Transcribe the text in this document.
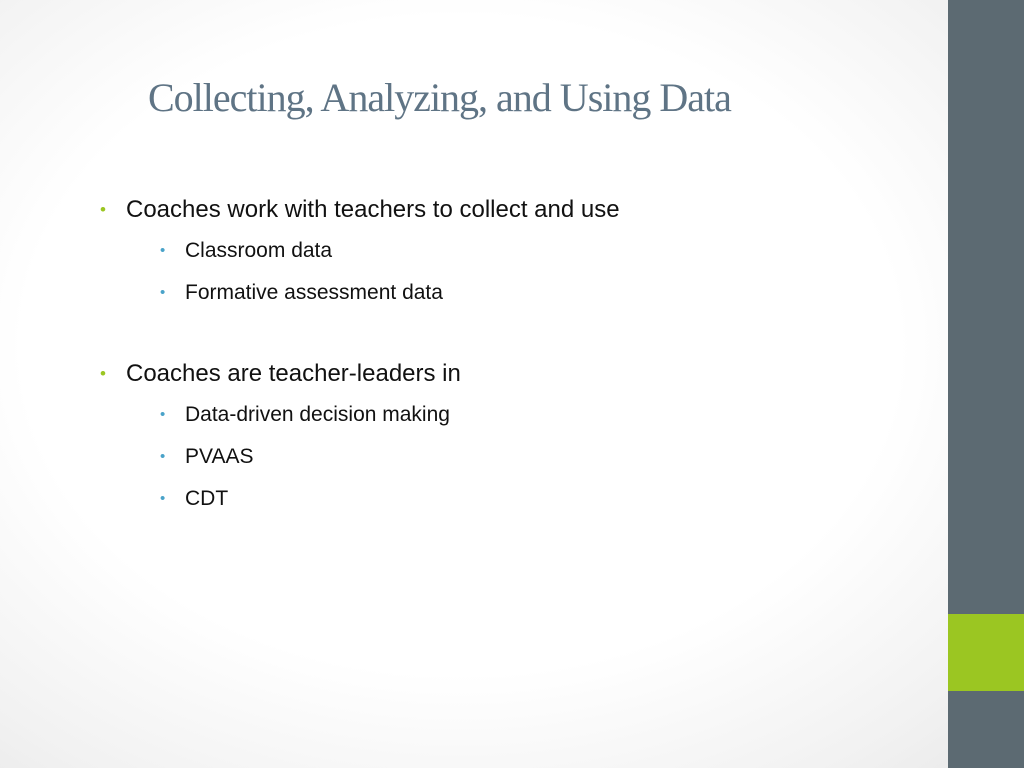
Collecting, Analyzing, and Using Data
• Coaches work with teachers to collect and use
• Classroom data
• Formative assessment data
• Coaches are teacher-leaders in
• Data-driven decision making
• PVAAS
• CDT
